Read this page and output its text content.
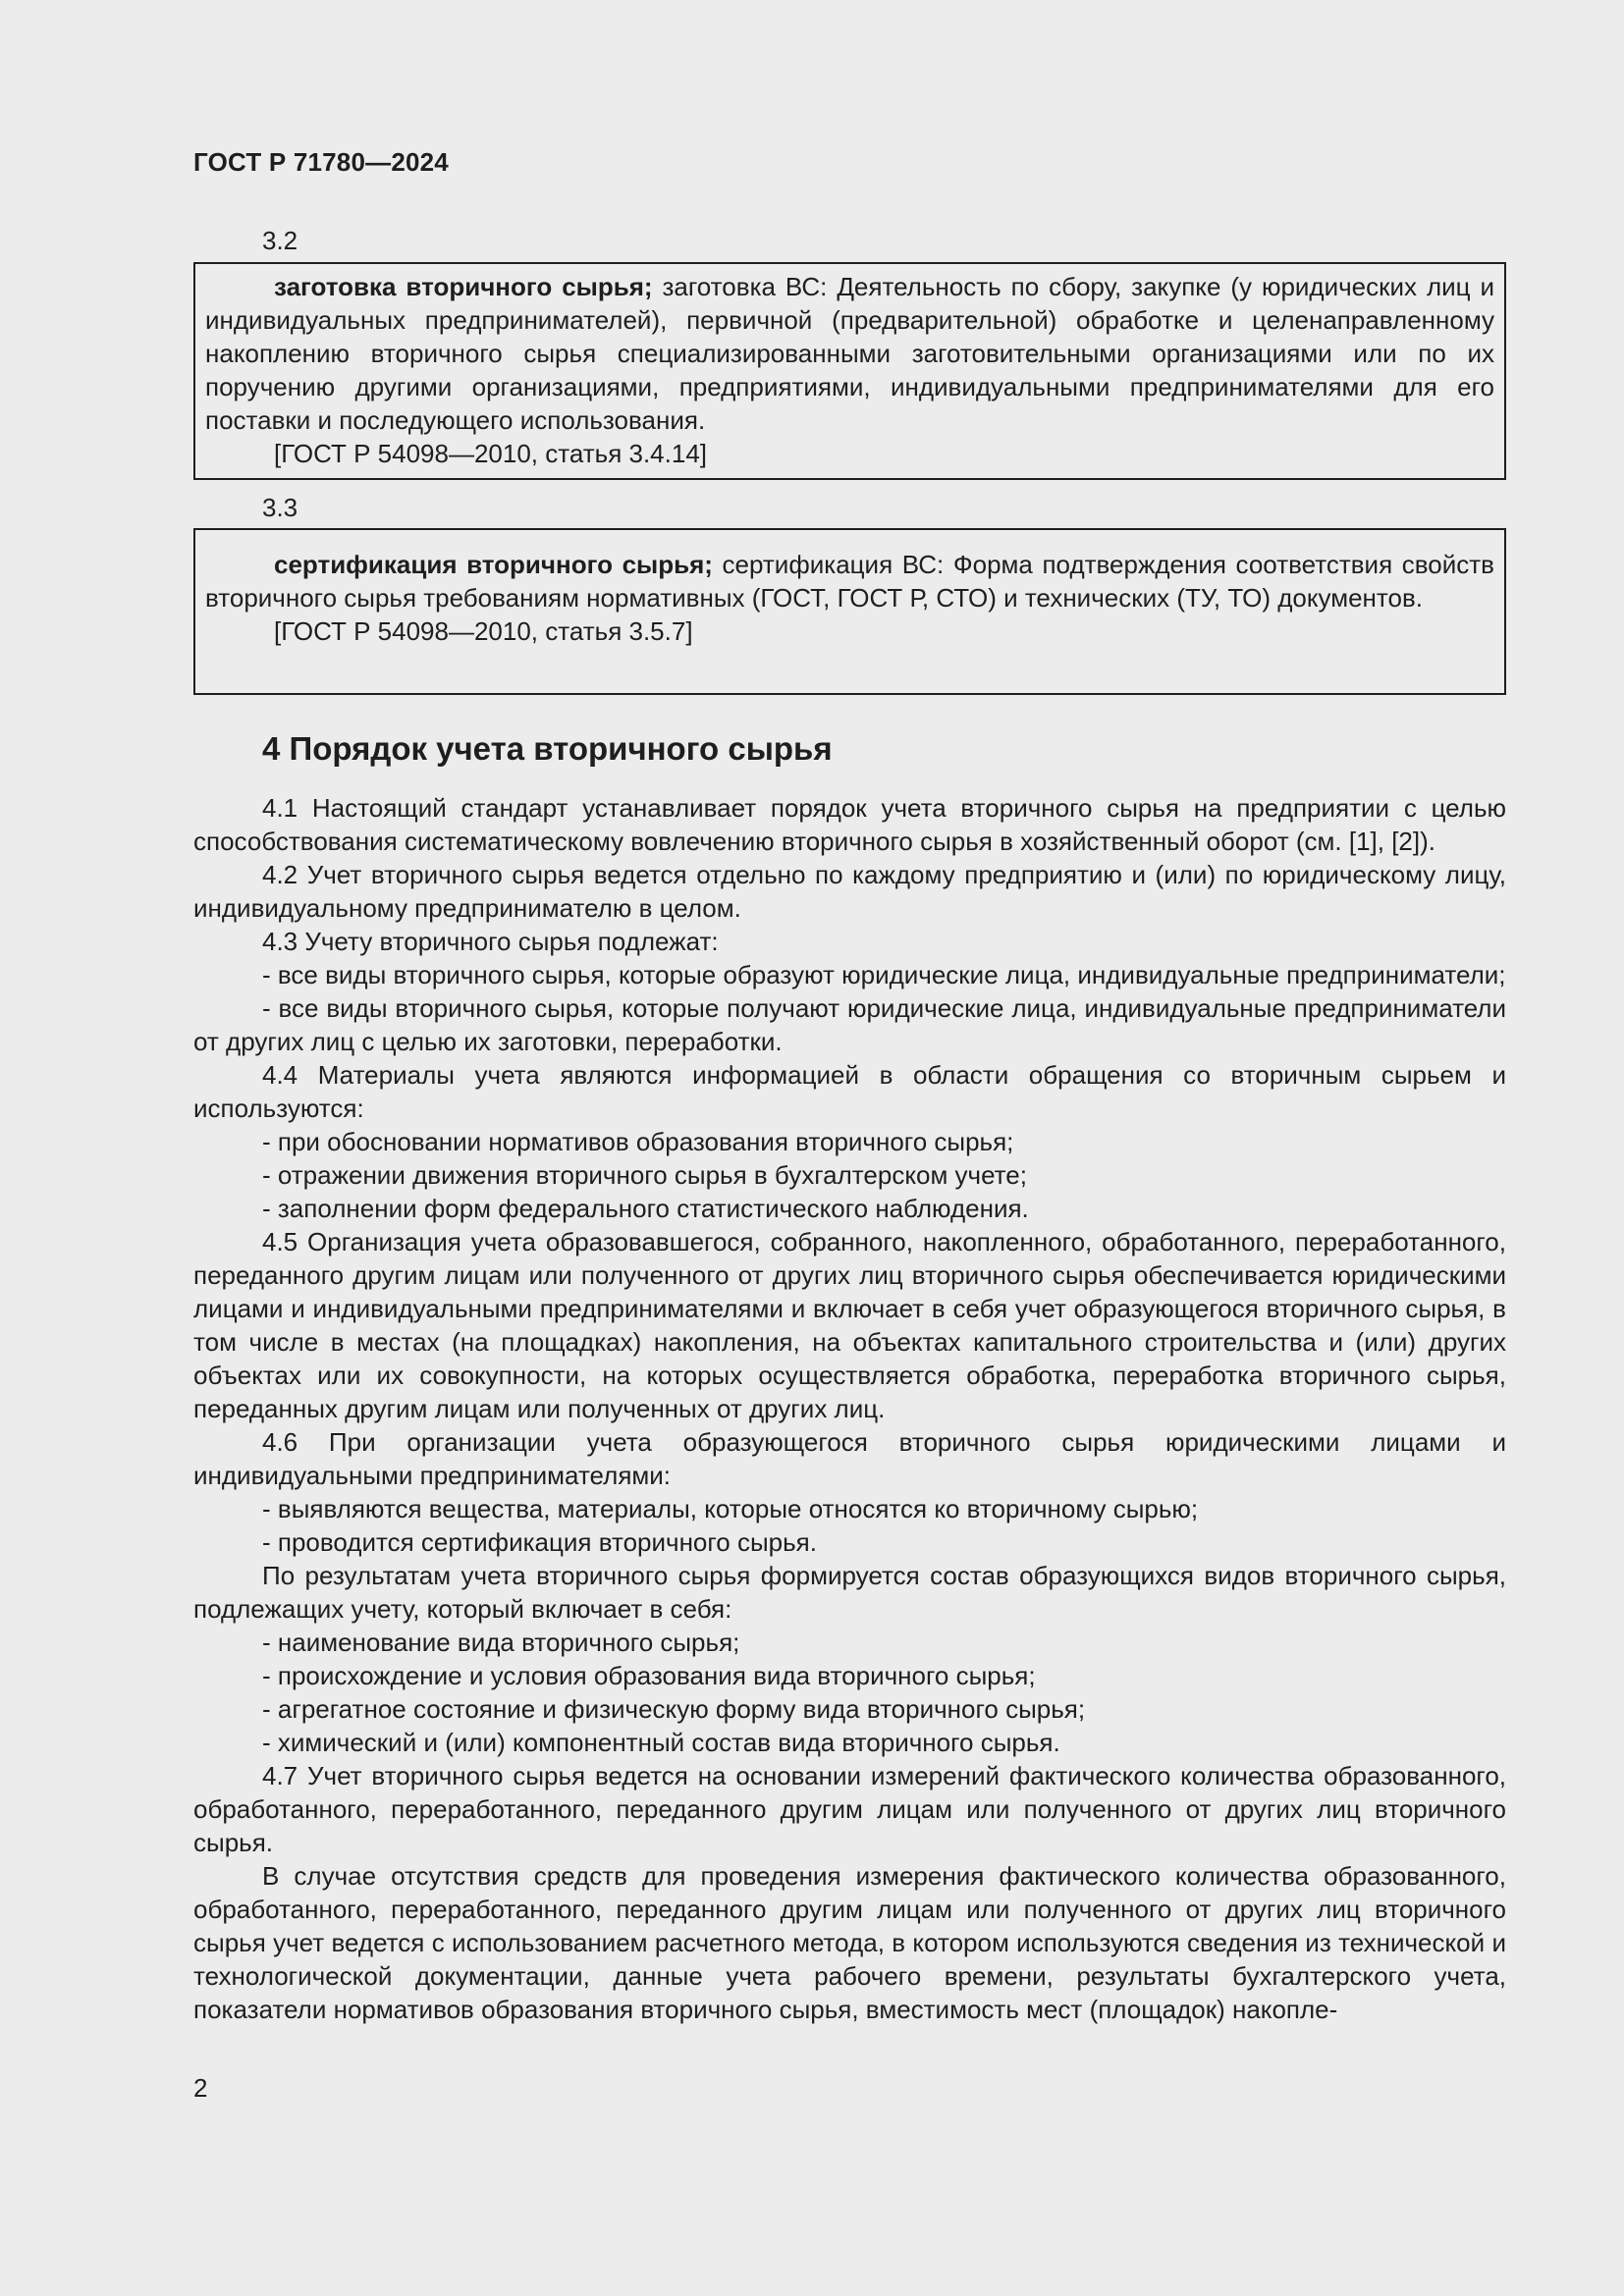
ГОСТ Р 71780—2024
3.2

заготовка вторичного сырья; заготовка ВС: Деятельность по сбору, закупке (у юридических лиц и индивидуальных предпринимателей), первичной (предварительной) обработке и целенаправленному накоплению вторичного сырья специализированными заготовительными организациями или по их поручению другими организациями, предприятиями, индивидуальными предпринимателями для его поставки и последующего использования.

[ГОСТ Р 54098—2010, статья 3.4.14]

3.3

сертификация вторичного сырья; сертификация ВС: Форма подтверждения соответствия свойств вторичного сырья требованиям нормативных (ГОСТ, ГОСТ Р, СТО) и технических (ТУ, ТО) документов.

[ГОСТ Р 54098—2010, статья 3.5.7]

4 Порядок учета вторичного сырья

4.1 Настоящий стандарт устанавливает порядок учета вторичного сырья на предприятии с целью способствования систематическому вовлечению вторичного сырья в хозяйственный оборот (см. [1], [2]).

4.2 Учет вторичного сырья ведется отдельно по каждому предприятию и (или) по юридическому лицу, индивидуальному предпринимателю в целом.

4.3 Учету вторичного сырья подлежат:

- все виды вторичного сырья, которые образуют юридические лица, индивидуальные предприниматели;

- все виды вторичного сырья, которые получают юридические лица, индивидуальные предприниматели от других лиц с целью их заготовки, переработки.

4.4 Материалы учета являются информацией в области обращения со вторичным сырьем и используются:

- при обосновании нормативов образования вторичного сырья;

- отражении движения вторичного сырья в бухгалтерском учете;

- заполнении форм федерального статистического наблюдения.

4.5 Организация учета образовавшегося, собранного, накопленного, обработанного, переработанного, переданного другим лицам или полученного от других лиц вторичного сырья обеспечивается юридическими лицами и индивидуальными предпринимателями и включает в себя учет образующегося вторичного сырья, в том числе в местах (на площадках) накопления, на объектах капитального строительства и (или) других объектах или их совокупности, на которых осуществляется обработка, переработка вторичного сырья, переданных другим лицам или полученных от других лиц.

4.6 При организации учета образующегося вторичного сырья юридическими лицами и индивидуальными предпринимателями:

- выявляются вещества, материалы, которые относятся ко вторичному сырью;

- проводится сертификация вторичного сырья.

По результатам учета вторичного сырья формируется состав образующихся видов вторичного сырья, подлежащих учету, который включает в себя:

- наименование вида вторичного сырья;

- происхождение и условия образования вида вторичного сырья;

- агрегатное состояние и физическую форму вида вторичного сырья;

- химический и (или) компонентный состав вида вторичного сырья.

4.7 Учет вторичного сырья ведется на основании измерений фактического количества образованного, обработанного, переработанного, переданного другим лицам или полученного от других лиц вторичного сырья.

В случае отсутствия средств для проведения измерения фактического количества образованного, обработанного, переработанного, переданного другим лицам или полученного от других лиц вторичного сырья учет ведется с использованием расчетного метода, в котором используются сведения из технической и технологической документации, данные учета рабочего времени, результаты бухгалтерского учета, показатели нормативов образования вторичного сырья, вместимость мест (площадок) накопле-

2
